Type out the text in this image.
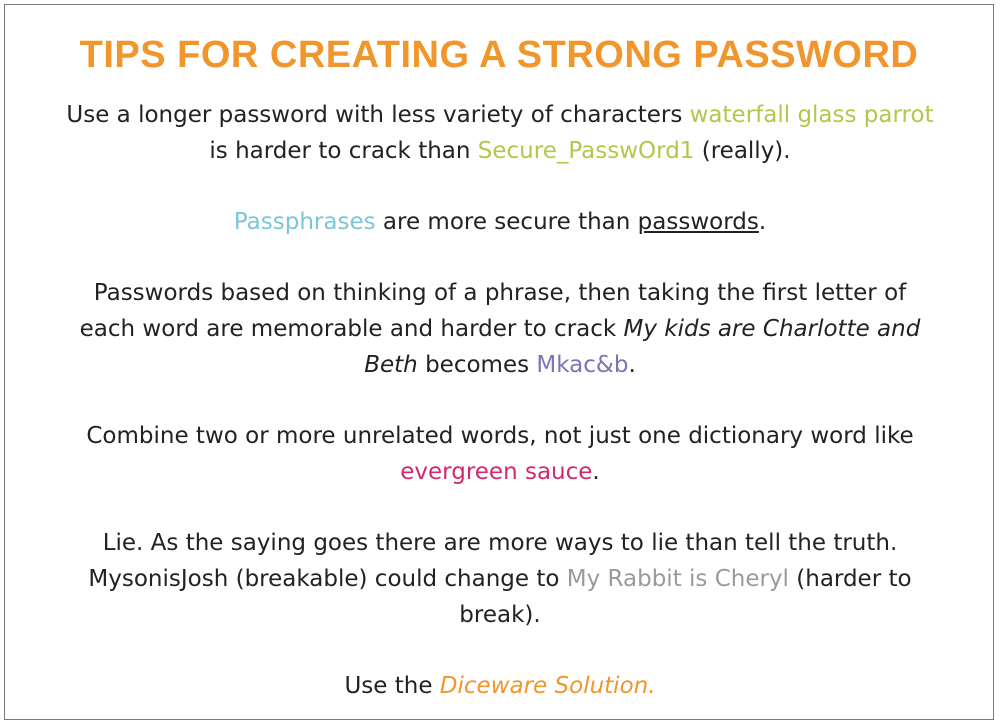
TIPS FOR CREATING A STRONG PASSWORD

Use a longer password with less variety of characters waterfall glass parrot is harder to crack than Secure_PasswOrd1 (really).

Passphrases are more secure than passwords.

Passwords based on thinking of a phrase, then taking the first letter of each word are memorable and harder to crack My kids are Charlotte and Beth becomes Mkac&b.

Combine two or more unrelated words, not just one dictionary word like evergreen sauce.

Lie. As the saying goes there are more ways to lie than tell the truth. MysonisJosh (breakable) could change to My Rabbit is Cheryl (harder to break).

Use the Diceware Solution.
